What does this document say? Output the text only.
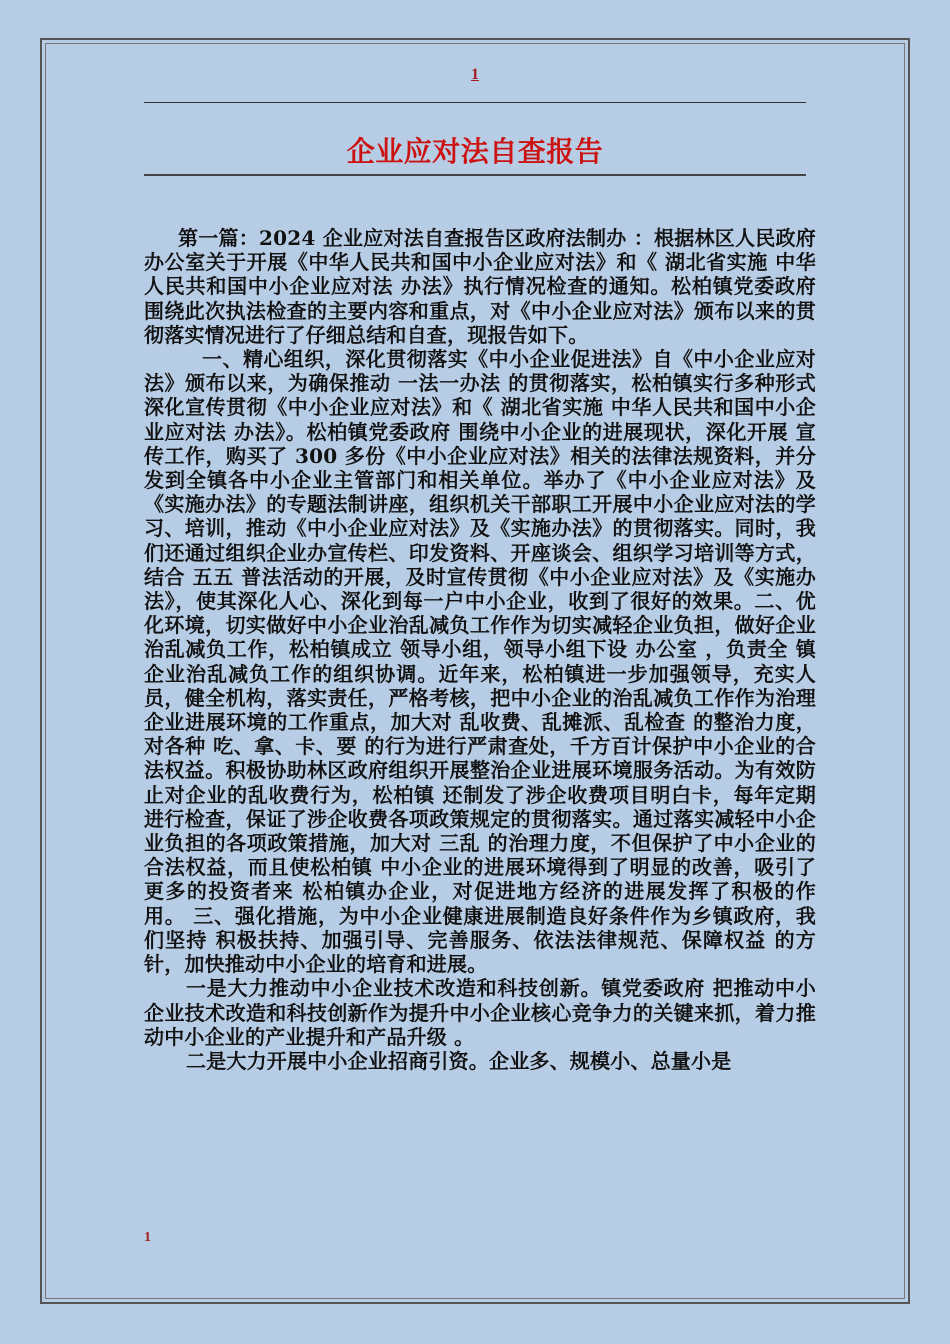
1
企业应对法自查报告

第一篇：2024 企业应对法自查报告区政府法制办 ：根据林区人民政府办公室关于开展《中华人民共和国中小企业应对法》和《 湖北省实施 中华人民共和国中小企业应对法 办法》执行情况检查的通知。松柏镇党委政府 围绕此次执法检查的主要内容和重点，对《中小企业应对法》颁布以来的贯彻落实情况进行了仔细总结和自查，现报告如下。

一、精心组织，深化贯彻落实《中小企业促进法》自《中小企业应对法》颁布以来，为确保推动 一法一办法 的贯彻落实，松柏镇实行多种形式深化宣传贯彻《中小企业应对法》和《 湖北省实施 中华人民共和国中小企业应对法 办法》。松柏镇党委政府 围绕中小企业的进展现状，深化开展 宣传工作，购买了 300 多份《中小企业应对法》相关的法律法规资料，并分发到全镇各中小企业主管部门和相关单位。举办了《中小企业应对法》及《实施办法》的专题法制讲座，组织机关干部职工开展中小企业应对法的学习、培训，推动《中小企业应对法》及《实施办法》的贯彻落实。同时，我们还通过组织企业办宣传栏、印发资料、开座谈会、组织学习培训等方式，结合 五五 普法活动的开展，及时宣传贯彻《中小企业应对法》及《实施办法》，使其深化人心、深化到每一户中小企业，收到了很好的效果。二、优化环境，切实做好中小企业治乱减负工作作为切实减轻企业负担，做好企业治乱减负工作，松柏镇成立 领导小组，领导小组下设 办公室 ，负责全 镇 企业治乱减负工作的组织协调。近年来，松柏镇进一步加强领导，充实人员，健全机构，落实责任，严格考核，把中小企业的治乱减负工作作为治理企业进展环境的工作重点，加大对 乱收费、乱摊派、乱检查 的整治力度，对各种 吃、拿、卡、要 的行为进行严肃查处，千方百计保护中小企业的合法权益。积极协助林区政府组织开展整治企业进展环境服务活动。为有效防止对企业的乱收费行为，松柏镇 还制发了涉企收费项目明白卡，每年定期进行检查，保证了涉企收费各项政策规定的贯彻落实。通过落实减轻中小企业负担的各项政策措施，加大对 三乱 的治理力度，不但保护了中小企业的合法权益，而且使松柏镇 中小企业的进展环境得到了明显的改善，吸引了更多的投资者来 松柏镇办企业，对促进地方经济的进展发挥了积极的作用。 三、强化措施，为中小企业健康进展制造良好条件作为乡镇政府，我们坚持 积极扶持、加强引导、完善服务、依法法律规范、保障权益 的方针，加快推动中小企业的培育和进展。

一是大力推动中小企业技术改造和科技创新。镇党委政府 把推动中小企业技术改造和科技创新作为提升中小企业核心竞争力的关键来抓，着力推动中小企业的产业提升和产品升级 。

二是大力开展中小企业招商引资。企业多、规模小、总量小是

1
